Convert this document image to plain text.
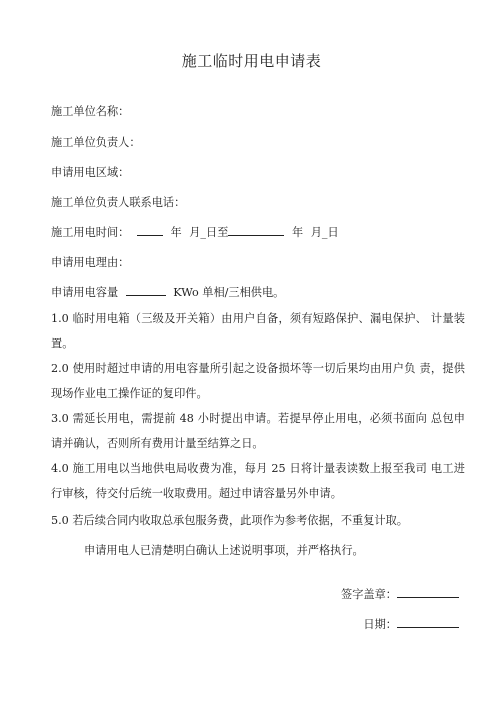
施工临时用电申请表
施工单位名称：
施工单位负责人：
申请用电区域：
施工单位负责人联系电话：
施工用电时间：	年 月_日至	年 月_日
申请用电理由：
申请用电容量	KWo 单相/三相供电。
1.0 临时用电箱（三级及开关箱）由用户自备，须有短路保护、漏电保护、 计量装置。
2.0 使用时超过申请的用电容量所引起之设备损坏等一切后果均由用户负 责，提供现场作业电工操作证的复印件。
3.0 需延长用电，需提前 48 小时提出申请。若提早停止用电，必须书面向 总包申请并确认，否则所有费用计量至结算之日。
4.0 施工用电以当地供电局收费为准，每月 25 日将计量表读数上报至我司 电工进行审核，待交付后统一收取费用。超过申请容量另外申请。
5.0 若后续合同内收取总承包服务费，此项作为参考依据，不重复计取。
申请用电人已清楚明白确认上述说明事项，并严格执行。
签字盖章：
日期：
